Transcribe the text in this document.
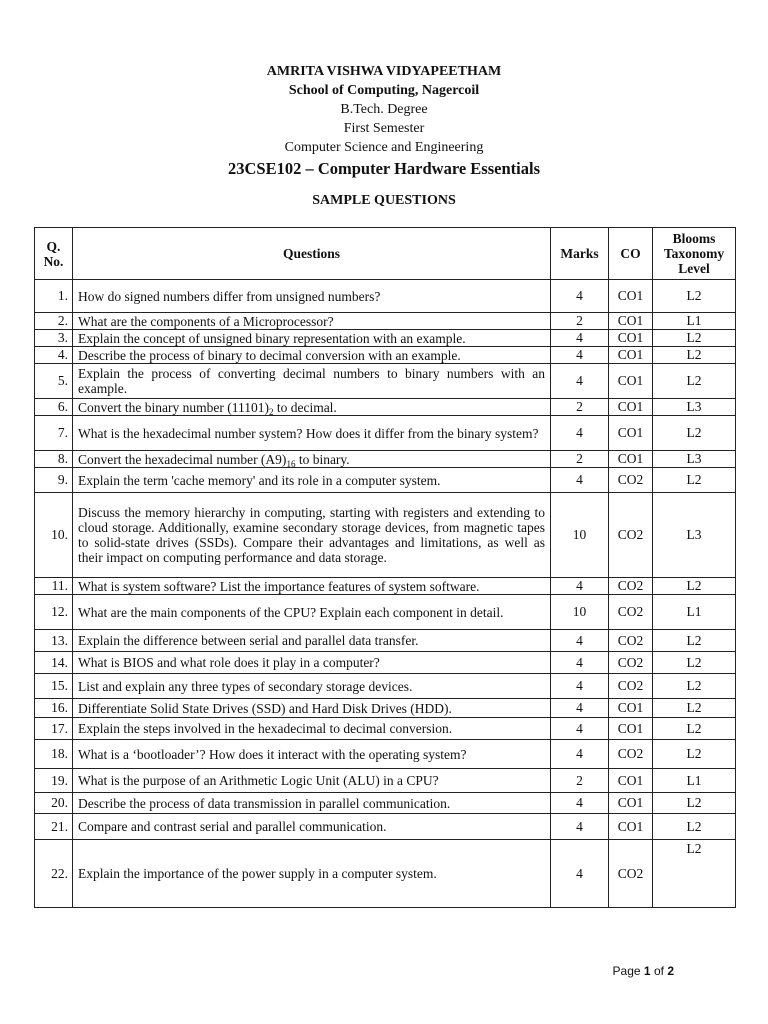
AMRITA VISHWA VIDYAPEETHAM
School of Computing, Nagercoil
B.Tech. Degree
First Semester
Computer Science and Engineering
23CSE102 – Computer Hardware Essentials
SAMPLE QUESTIONS
Q. No.	Questions	Marks	CO	Blooms Taxonomy Level
1.	How do signed numbers differ from unsigned numbers?	4	CO1	L2
2.	What are the components of a Microprocessor?	2	CO1	L1
3.	Explain the concept of unsigned binary representation with an example.	4	CO1	L2
4.	Describe the process of binary to decimal conversion with an example.	4	CO1	L2
5.	Explain the process of converting decimal numbers to binary numbers with an example.	4	CO1	L2
6.	Convert the binary number $(11101)_2$ to decimal.	2	CO1	L3
7.	What is the hexadecimal number system? How does it differ from the binary system?	4	CO1	L2
8.	Convert the hexadecimal number $(A9)_{16}$ to binary.	2	CO1	L3
9.	Explain the term 'cache memory' and its role in a computer system.	4	CO2	L2
10.	Discuss the memory hierarchy in computing, starting with registers and extending to cloud storage. Additionally, examine secondary storage devices, from magnetic tapes to solid-state drives (SSDs). Compare their advantages and limitations, as well as their impact on computing performance and data storage.	10	CO2	L3
11.	What is system software? List the importance features of system software.	4	CO2	L2
12.	What are the main components of the CPU? Explain each component in detail.	10	CO2	L1
13.	Explain the difference between serial and parallel data transfer.	4	CO2	L2
14.	What is BIOS and what role does it play in a computer?	4	CO2	L2
15.	List and explain any three types of secondary storage devices.	4	CO2	L2
16.	Differentiate Solid State Drives (SSD) and Hard Disk Drives (HDD).	4	CO1	L2
17.	Explain the steps involved in the hexadecimal to decimal conversion.	4	CO1	L2
18.	What is a ‘bootloader’? How does it interact with the operating system?	4	CO2	L2
19.	What is the purpose of an Arithmetic Logic Unit (ALU) in a CPU?	2	CO1	L1
20.	Describe the process of data transmission in parallel communication.	4	CO1	L2
21.	Compare and contrast serial and parallel communication.	4	CO1	L2
22.	Explain the importance of the power supply in a computer system.	4	CO2	L2
Page 1 of 2
